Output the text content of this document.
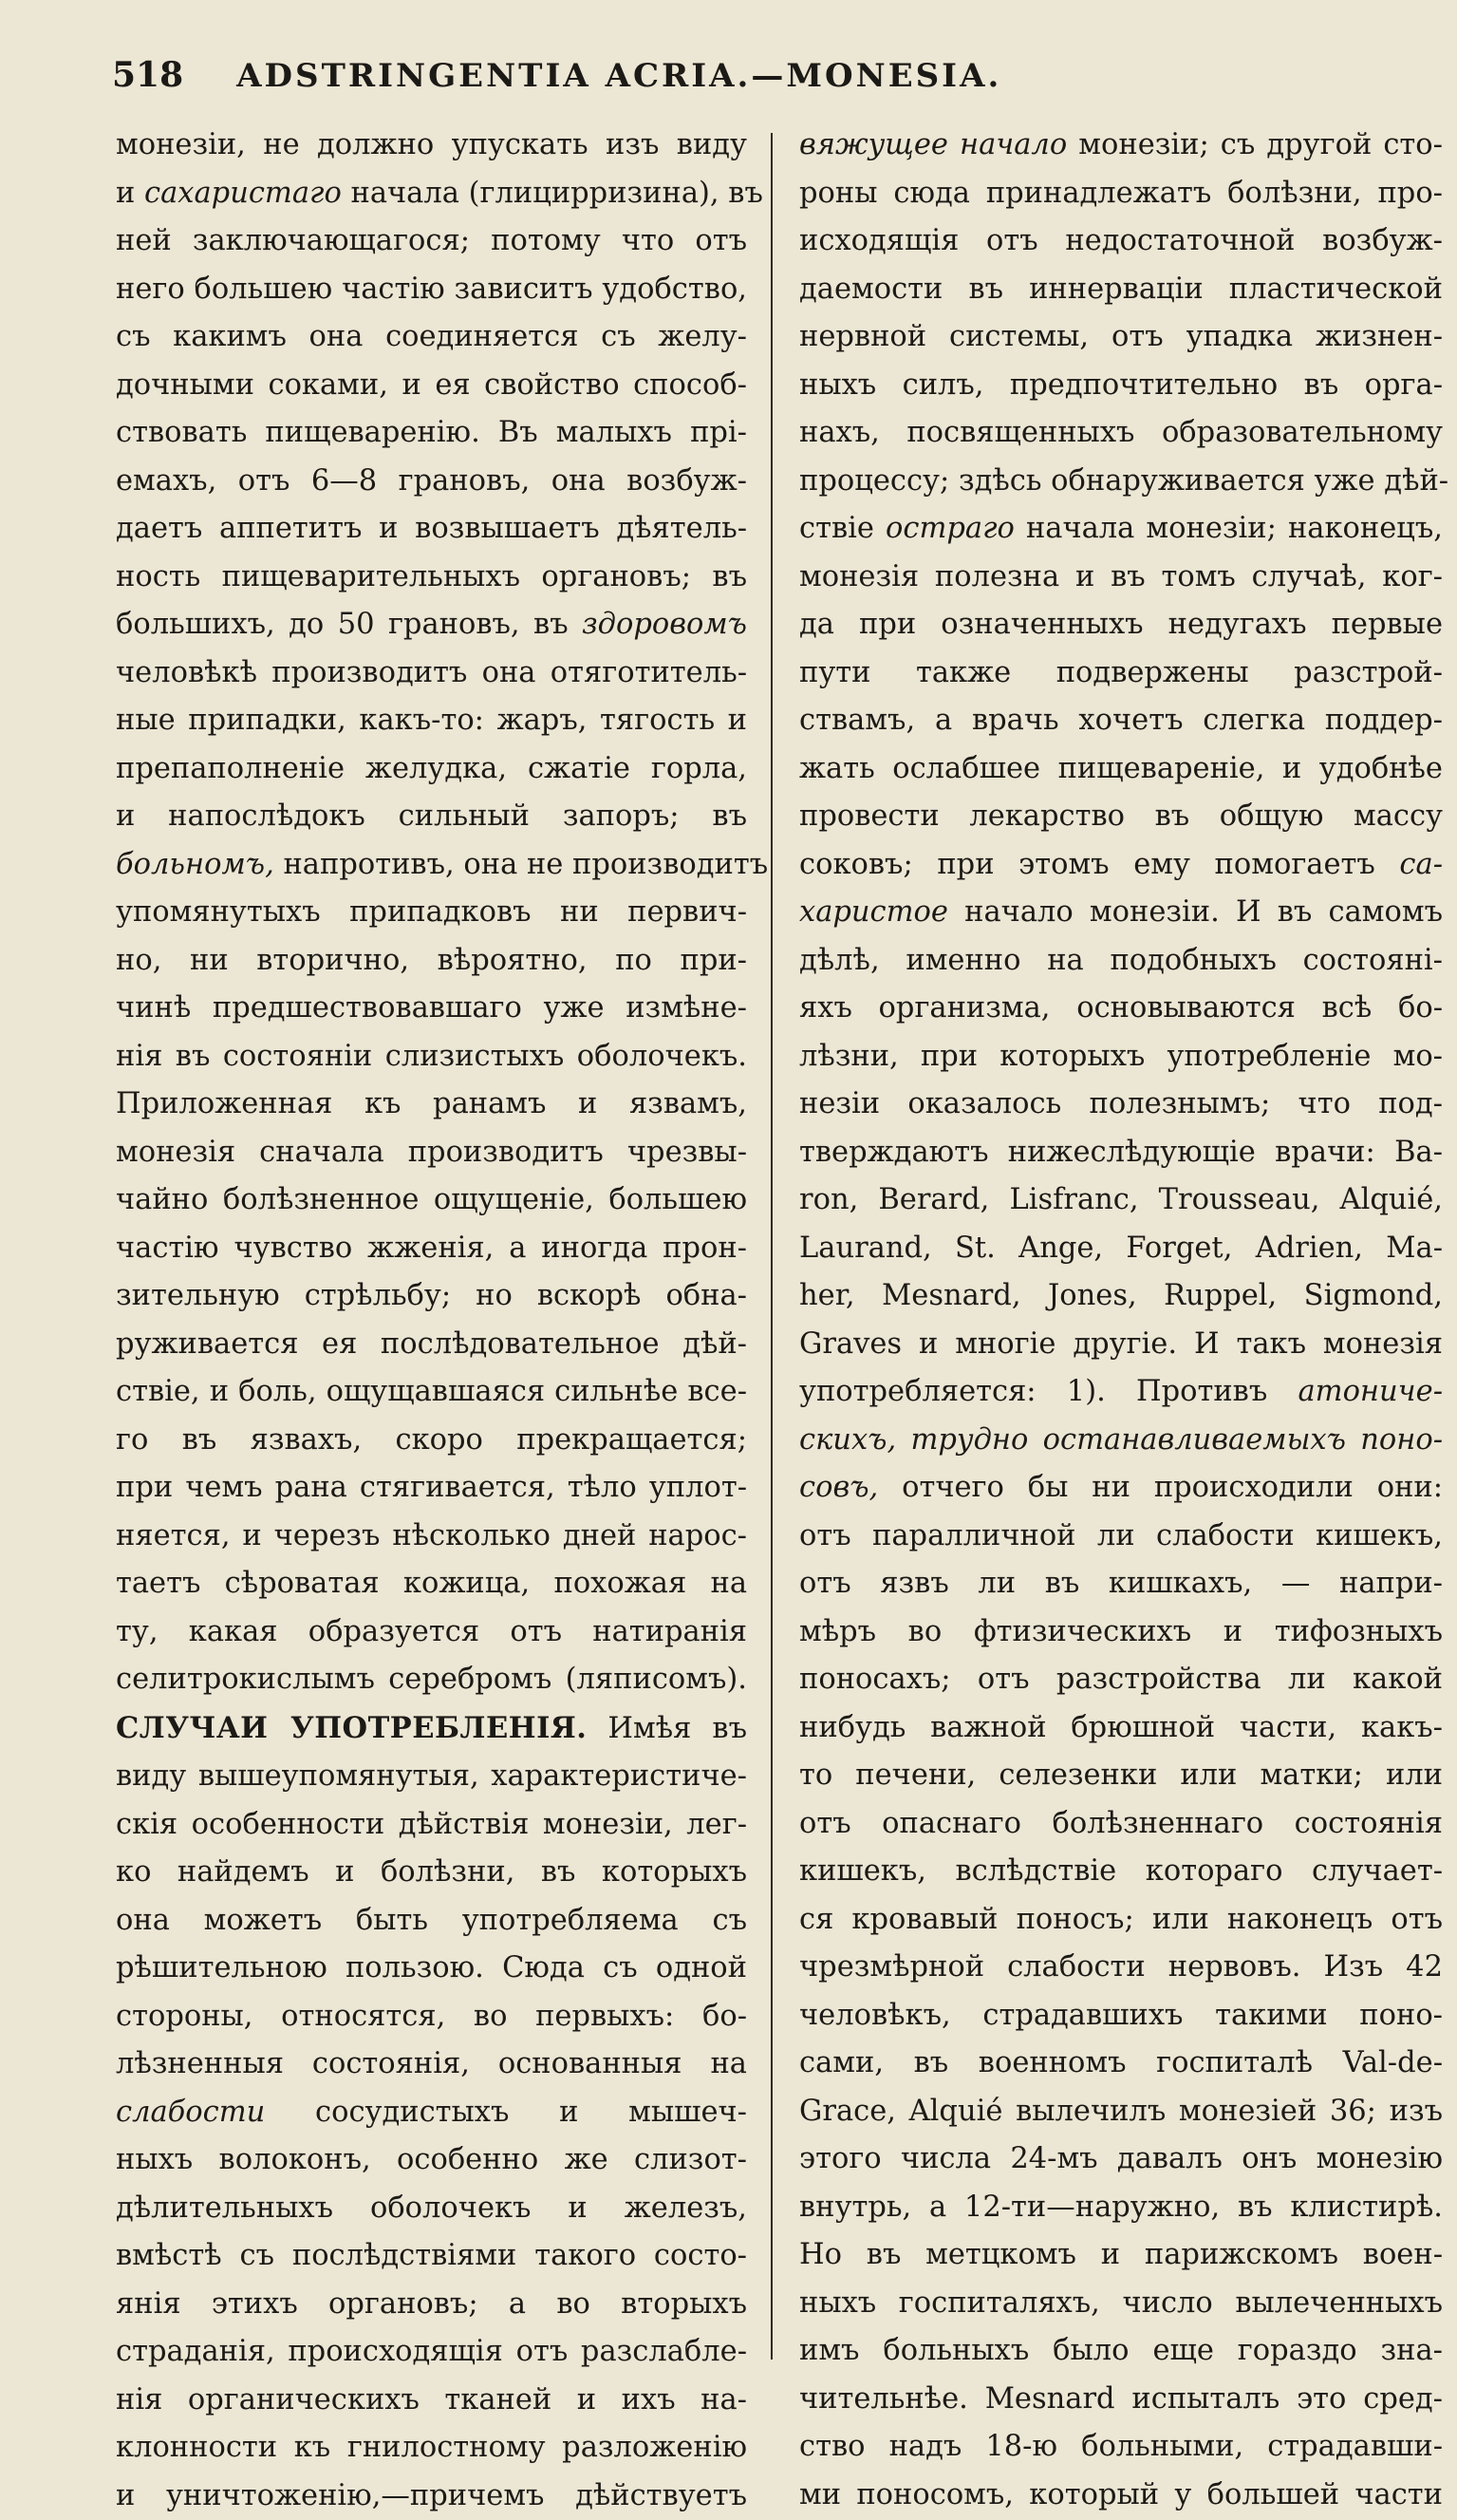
518 ADSTRINGENTIA ACRIA.—MONESIA.
монезіи, не должно упускать изъ виду
и сахаристаго начала (глицирризина), въ
ней заключающагося; потому что отъ
него большею частію зависитъ удобство,
съ какимъ она соединяется съ желу-
дочными соками, и ея свойство способ-
ствовать пищеваренію. Въ малыхъ прі-
емахъ, отъ 6—8 грановъ, она возбуж-
даетъ аппетитъ и возвышаетъ дѣятель-
ность пищеварительныхъ органовъ; въ
большихъ, до 50 грановъ, въ здоровомъ
человѣкѣ производитъ она отяготитель-
ные припадки, какъ-то: жаръ, тягость и
препаполненіе желудка, сжатіе горла,
и напослѣдокъ сильный запоръ; въ
больномъ, напротивъ, она не производитъ
упомянутыхъ припадковъ ни первич-
но, ни вторично, вѣроятно, по при-
чинѣ предшествовавшаго уже измѣне-
нія въ состояніи слизистыхъ оболочекъ.
Приложенная къ ранамъ и язвамъ,
монезія сначала производитъ чрезвы-
чайно болѣзненное ощущеніе, большею
частію чувство жженія, а иногда прон-
зительную стрѣльбу; но вскорѣ обна-
руживается ея послѣдовательное дѣй-
ствіе, и боль, ощущавшаяся сильнѣе все-
го въ язвахъ, скоро прекращается;
при чемъ рана стягивается, тѣло уплот-
няется, и черезъ нѣсколько дней нарос-
таетъ сѣроватая кожица, похожая на
ту, какая образуется отъ натиранія
селитрокислымъ серебромъ (ляписомъ).
СЛУЧАИ УПОТРЕБЛЕНІЯ. Имѣя въ
виду вышеупомянутыя, характеристиче-
скія особенности дѣйствія монезіи, лег-
ко найдемъ и болѣзни, въ которыхъ
она можетъ быть употребляема съ
рѣшительною пользою. Сюда съ одной
стороны, относятся, во первыхъ: бо-
лѣзненныя состоянія, основанныя на
слабости сосудистыхъ и мышеч-
ныхъ волоконъ, особенно же слизот-
дѣлительныхъ оболочекъ и железъ,
вмѣстѣ съ послѣдствіями такого состо-
янія этихъ органовъ; а во вторыхъ
страданія, происходящія отъ разслабле-
нія органическихъ тканей и ихъ на-
клонности къ гнилостному разложенію
и уничтоженію,—причемъ дѣйствуетъ
вяжущее начало монезіи; съ другой сто-
роны сюда принадлежатъ болѣзни, про-
исходящія отъ недостаточной возбуж-
даемости въ иннерваціи пластической
нервной системы, отъ упадка жизнен-
ныхъ силъ, предпочтительно въ орга-
нахъ, посвященныхъ образовательному
процессу; здѣсь обнаруживается уже дѣй-
ствіе остраго начала монезіи; наконецъ,
монезія полезна и въ томъ случаѣ, ког-
да при означенныхъ недугахъ первые
пути также подвержены разстрой-
ствамъ, а врачь хочетъ слегка поддер-
жать ослабшее пищевареніе, и удобнѣе
провести лекарство въ общую массу
соковъ; при этомъ ему помогаетъ са-
харистое начало монезіи. И въ самомъ
дѣлѣ, именно на подобныхъ состояні-
яхъ организма, основываются всѣ бо-
лѣзни, при которыхъ употребленіе мо-
незіи оказалось полезнымъ; что под-
тверждаютъ нижеслѣдующіе врачи: Ba-
ron, Berard, Lisfranc, Trousseau, Alquié,
Laurand, St. Ange, Forget, Adrien, Ma-
her, Mesnard, Jones, Ruppel, Sigmond,
Graves и многіе другіе. И такъ монезія
употребляется: 1). Противъ атониче-
скихъ, трудно останавливаемыхъ поно-
совъ, отчего бы ни происходили они:
отъ паралличной ли слабости кишекъ,
отъ язвъ ли въ кишкахъ, — напри-
мѣръ во фтизическихъ и тифозныхъ
поносахъ; отъ разстройства ли какой
нибудь важной брюшной части, какъ-
то печени, селезенки или матки; или
отъ опаснаго болѣзненнаго состоянія
кишекъ, вслѣдствіе котораго случает-
ся кровавый поносъ; или наконецъ отъ
чрезмѣрной слабости нервовъ. Изъ 42
человѣкъ, страдавшихъ такими поно-
сами, въ военномъ госпиталѣ Val-de-
Grace, Alquié вылечилъ монезіей 36; изъ
этого числа 24-мъ давалъ онъ монезію
внутрь, а 12-ти—наружно, въ клистирѣ.
Но въ метцкомъ и парижскомъ воен-
ныхъ госпиталяхъ, число вылеченныхъ
имъ больныхъ было еще гораздо зна-
чительнѣе. Mesnard испыталъ это сред-
ство надъ 18-ю больными, страдавши-
ми поносомъ, который у большей части
